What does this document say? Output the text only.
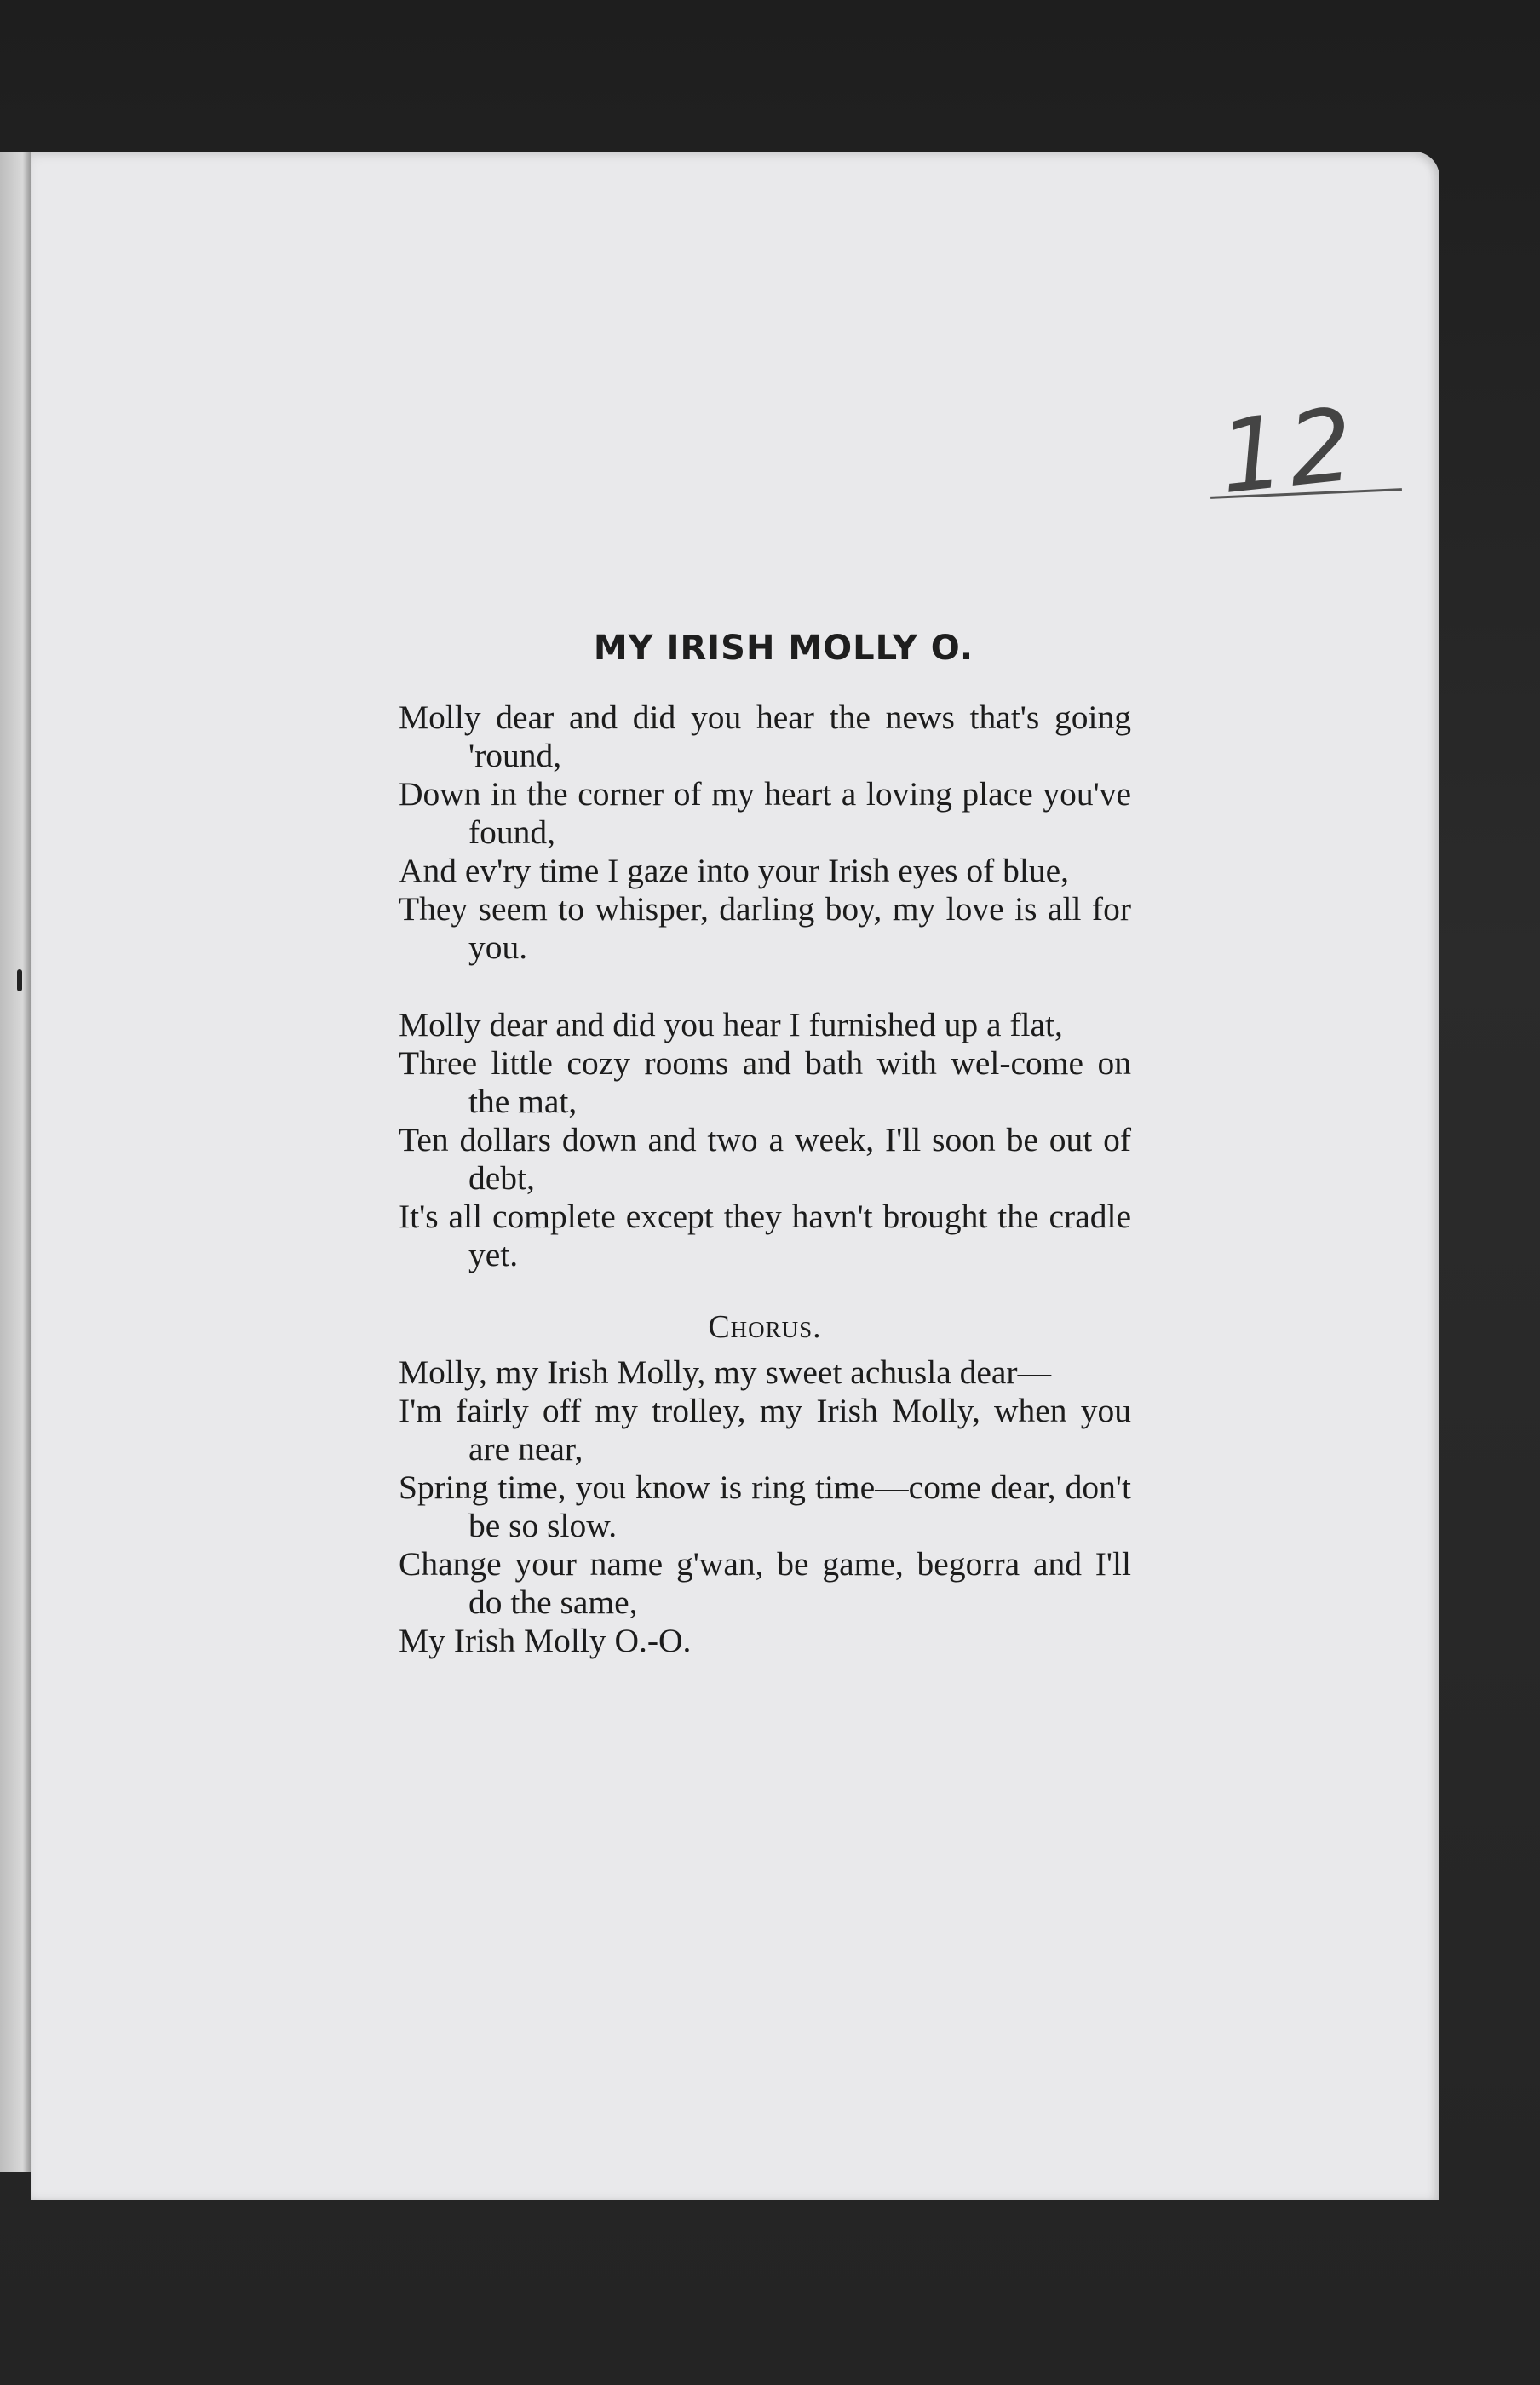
12
MY IRISH MOLLY O.
Molly dear and did you hear the news that's going 'round,
Down in the corner of my heart a loving place you've found,
And ev'ry time I gaze into your Irish eyes of blue,
They seem to whisper, darling boy, my love is all for you.
Molly dear and did you hear I furnished up a flat,
Three little cozy rooms and bath with wel-come on the mat,
Ten dollars down and two a week, I'll soon be out of debt,
It's all complete except they havn't brought the cradle yet.
Chorus.
Molly, my Irish Molly, my sweet achusla dear—
I'm fairly off my trolley, my Irish Molly, when you are near,
Spring time, you know is ring time—come dear, don't be so slow.
Change your name g'wan, be game, begorra and I'll do the same,
My Irish Molly O.-O.
